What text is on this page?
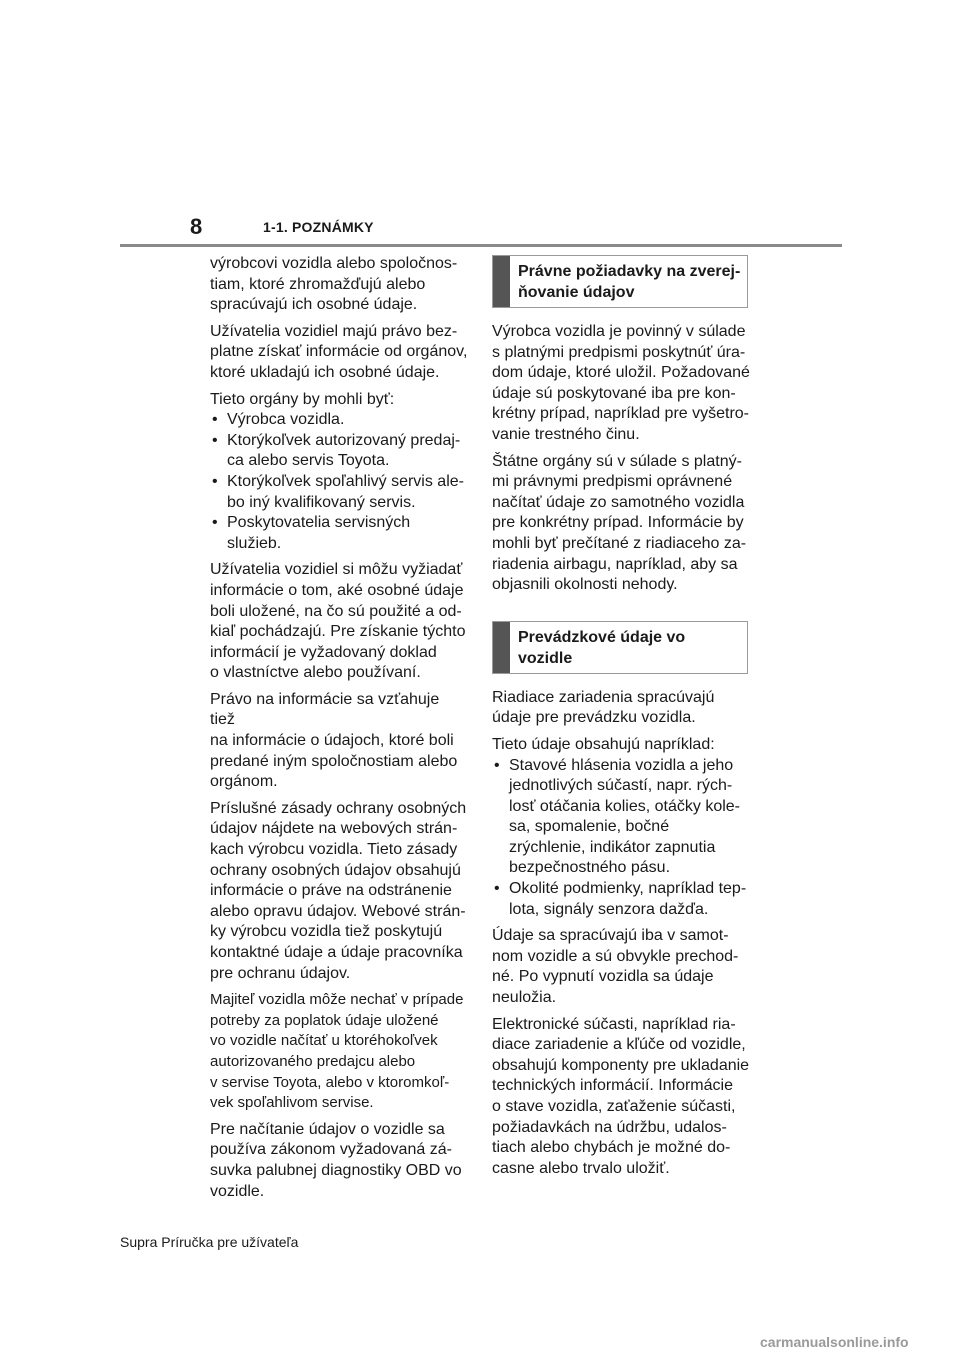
8	1-1. POZNÁMKY

výrobcovi vozidla alebo spoločnos-
tiam, ktoré zhromažďujú alebo
spracúvajú ich osobné údaje.

Užívatelia vozidiel majú právo bez-
platne získať informácie od orgánov,
ktoré ukladajú ich osobné údaje.

Tieto orgány by mohli byť:

• Výrobca vozidla.
• Ktorýkoľvek autorizovaný predaj-
ca alebo servis Toyota.
• Ktorýkoľvek spoľahlivý servis ale-
bo iný kvalifikovaný servis.
• Poskytovatelia servisných služieb.

Užívatelia vozidiel si môžu vyžiadať
informácie o tom, aké osobné údaje
boli uložené, na čo sú použité a od-
kiaľ pochádzajú. Pre získanie týchto
informácií je vyžadovaný doklad
o vlastníctve alebo používaní.

Právo na informácie sa vzťahuje tiež
na informácie o údajoch, ktoré boli
predané iným spoločnostiam alebo
orgánom.

Príslušné zásady ochrany osobných
údajov nájdete na webových strán-
kach výrobcu vozidla. Tieto zásady
ochrany osobných údajov obsahujú
informácie o práve na odstránenie
alebo opravu údajov. Webové strán-
ky výrobcu vozidla tiež poskytujú
kontaktné údaje a údaje pracovníka
pre ochranu údajov.

Majiteľ vozidla môže nechať v prípade
potreby za poplatok údaje uložené
vo vozidle načítať u ktoréhokoľvek
autorizovaného predajcu alebo
v servise Toyota, alebo v ktoromkoľ-
vek spoľahlivom servise.

Pre načítanie údajov o vozidle sa
používa zákonom vyžadovaná zá-
suvka palubnej diagnostiky OBD vo
vozidle.

Právne požiadavky na zverej-
ňovanie údajov

Výrobca vozidla je povinný v súlade
s platnými predpismi poskytnúť úra-
dom údaje, ktoré uložil. Požadované
údaje sú poskytované iba pre kon-
krétny prípad, napríklad pre vyšetro-
vanie trestného činu.

Štátne orgány sú v súlade s platný-
mi právnymi predpismi oprávnené
načítať údaje zo samotného vozidla
pre konkrétny prípad. Informácie by
mohli byť prečítané z riadiaceho za-
riadenia airbagu, napríklad, aby sa
objasnili okolnosti nehody.

Prevádzkové údaje vo vozidle

Riadiace zariadenia spracúvajú
údaje pre prevádzku vozidla.

Tieto údaje obsahujú napríklad:

• Stavové hlásenia vozidla a jeho
jednotlivých súčastí, napr. rých-
losť otáčania kolies, otáčky kole-
sa, spomalenie, bočné
zrýchlenie, indikátor zapnutia
bezpečnostného pásu.
• Okolité podmienky, napríklad tep-
lota, signály senzora dažďa.

Údaje sa spracúvajú iba v samot-
nom vozidle a sú obvykle prechod-
né. Po vypnutí vozidla sa údaje
neuložia.

Elektronické súčasti, napríklad ria-
diace zariadenie a kľúče od vozidle,
obsahujú komponenty pre ukladanie
technických informácií. Informácie
o stave vozidla, zaťaženie súčasti,
požiadavkách na údržbu, udalos-
tiach alebo chybách je možné do-
casne alebo trvalo uložiť.

Supra Príručka pre užívateľa
carmanualsonline.info
